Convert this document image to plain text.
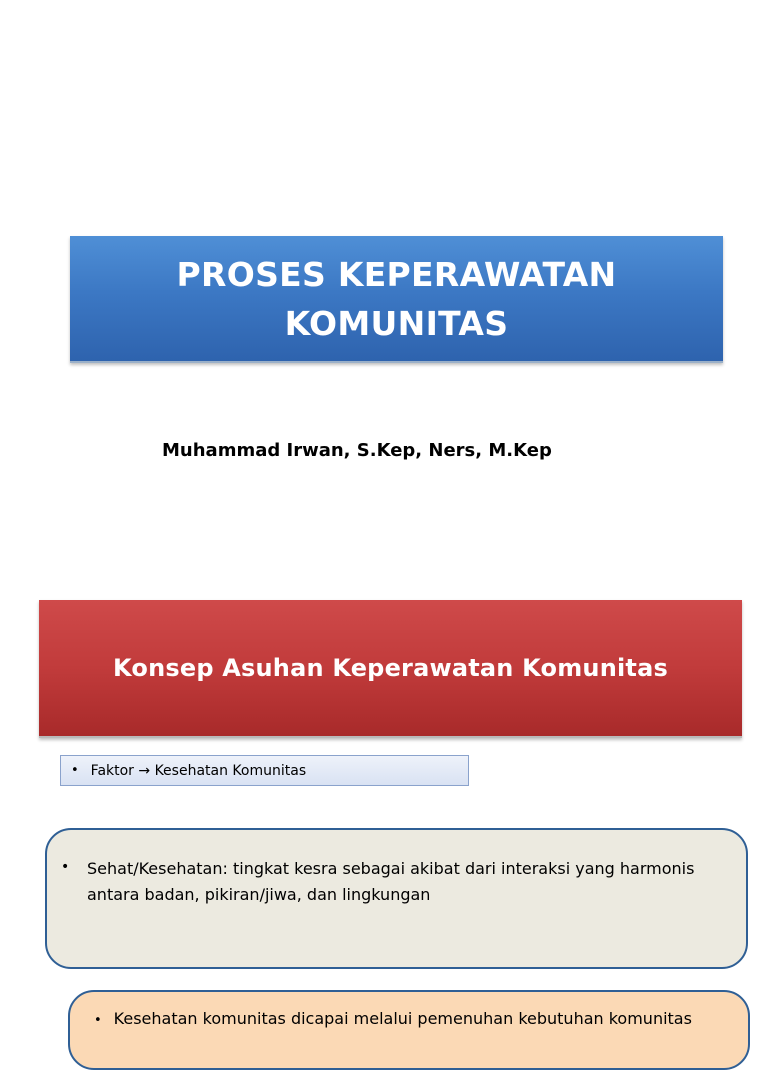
PROSES KEPERAWATAN
KOMUNITAS
Muhammad Irwan, S.Kep, Ners, M.Kep
Konsep Asuhan Keperawatan Komunitas
• Faktor
→
Kesehatan Komunitas
•	Sehat/Kesehatan: tingkat kesra sebagai akibat dari interaksi yang harmonis antara badan, pikiran/jiwa, dan lingkungan
• Kesehatan komunitas dicapai melalui pemenuhan kebutuhan komunitas
